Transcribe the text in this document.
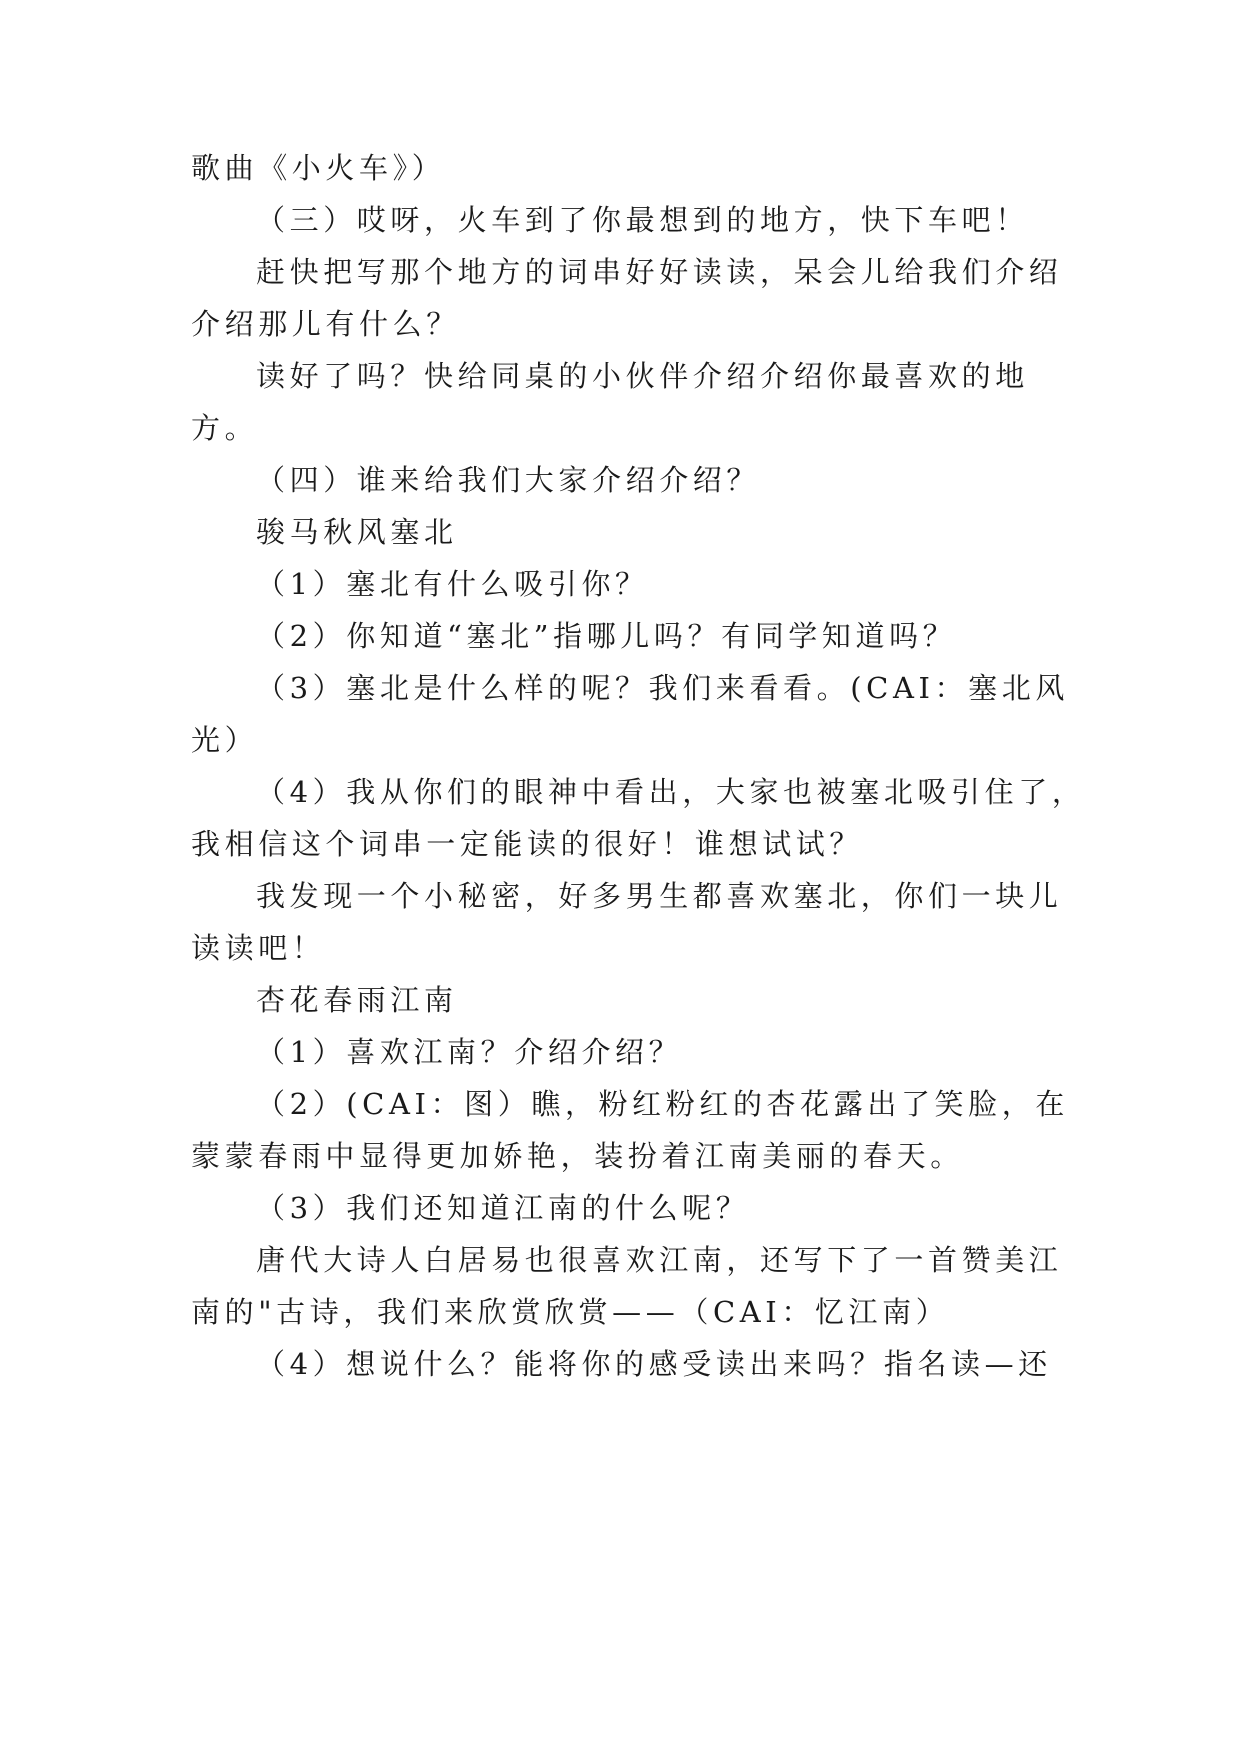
歌曲《小火车》）

（三）哎呀，火车到了你最想到的地方，快下车吧！

赶快把写那个地方的词串好好读读，呆会儿给我们介绍

介绍那儿有什么？

读好了吗？快给同桌的小伙伴介绍介绍你最喜欢的地

方。

（四）谁来给我们大家介绍介绍？

骏马秋风塞北

（1）塞北有什么吸引你？

（2）你知道“塞北”指哪儿吗？有同学知道吗？

（3）塞北是什么样的呢？我们来看看。(CAI：塞北风

光）

（4）我从你们的眼神中看出，大家也被塞北吸引住了，

我相信这个词串一定能读的很好！谁想试试？

我发现一个小秘密，好多男生都喜欢塞北，你们一块儿

读读吧！

杏花春雨江南

（1）喜欢江南？介绍介绍？

（2）(CAI：图）瞧，粉红粉红的杏花露出了笑脸，在

蒙蒙春雨中显得更加娇艳，装扮着江南美丽的春天。

（3）我们还知道江南的什么呢？

唐代大诗人白居易也很喜欢江南，还写下了一首赞美江

南的"古诗，我们来欣赏欣赏——（CAI：忆江南）

（4）想说什么？能将你的感受读出来吗？指名读—还
